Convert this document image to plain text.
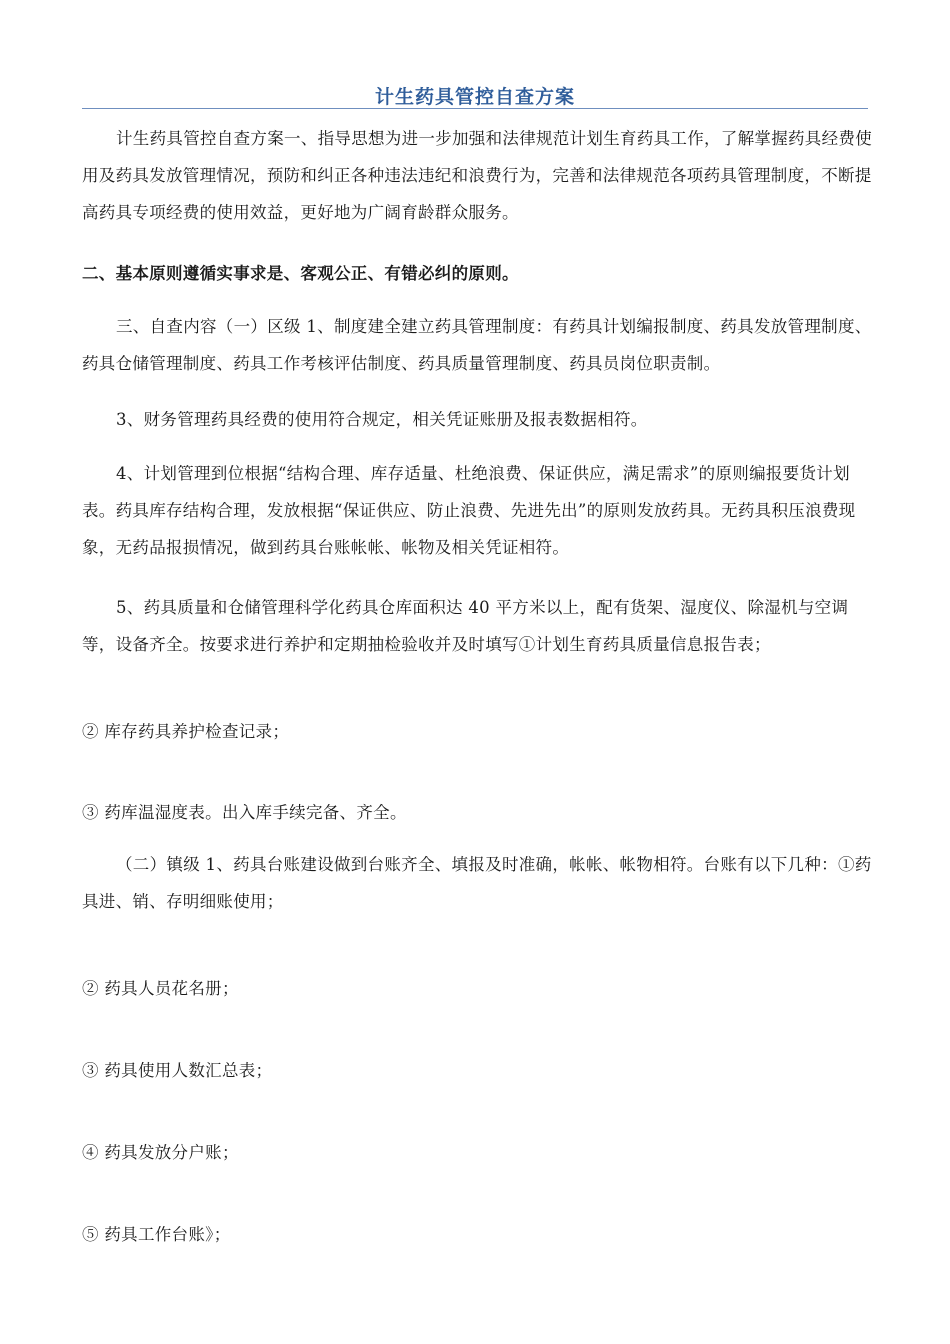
计生药具管控自查方案

计生药具管控自查方案一、指导思想为进一步加强和法律规范计划生育药具工作，了解掌握药具经费使用及药具发放管理情况，预防和纠正各种违法违纪和浪费行为，完善和法律规范各项药具管理制度，不断提高药具专项经费的使用效益，更好地为广阔育龄群众服务。

二、基本原则遵循实事求是、客观公正、有错必纠的原则。

三、自查内容（一）区级 1、制度建全建立药具管理制度：有药具计划编报制度、药具发放管理制度、药具仓储管理制度、药具工作考核评估制度、药具质量管理制度、药具员岗位职责制。

3、财务管理药具经费的使用符合规定，相关凭证账册及报表数据相符。

4、计划管理到位根据“结构合理、库存适量、杜绝浪费、保证供应，满足需求”的原则编报要货计划表。药具库存结构合理，发放根据“保证供应、防止浪费、先进先出”的原则发放药具。无药具积压浪费现象，无药品报损情况，做到药具台账帐帐、帐物及相关凭证相符。

5、药具质量和仓储管理科学化药具仓库面积达 40 平方米以上，配有货架、湿度仪、除湿机与空调等，设备齐全。按要求进行养护和定期抽检验收并及时填写①计划生育药具质量信息报告表；

② 库存药具养护检查记录；

③ 药库温湿度表。出入库手续完备、齐全。

（二）镇级 1、药具台账建设做到台账齐全、填报及时准确，帐帐、帐物相符。台账有以下几种：①药具进、销、存明细账使用；

② 药具人员花名册；

③ 药具使用人数汇总表；

④ 药具发放分户账；

⑤ 药具工作台账》；
